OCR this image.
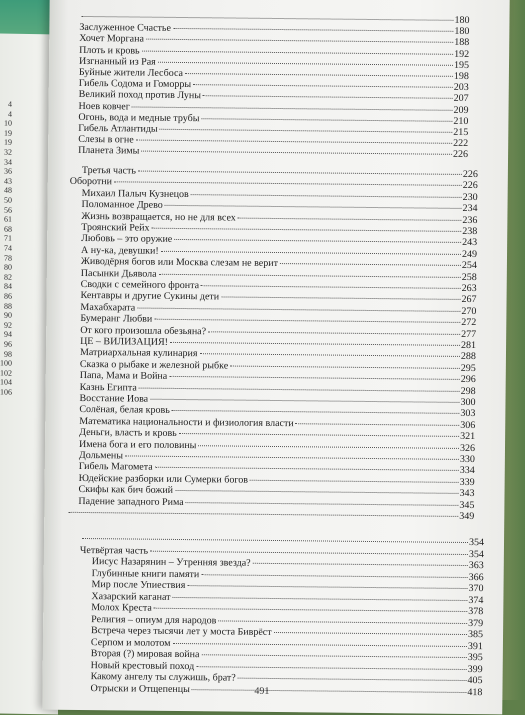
4
4
10
19
19
32
34
36
43
48
50
56
61
68
71
74
78
80
82
84
86
88
90
92
94
96
98
100
102
104
106
491
180
Заслуженное Счастье	180
Хочет Моргана	188
Плоть и кровь	192
Изгнанный из Рая	195
Буйные жители Лесбоса	198
Гибель Содома и Гоморры	203
Великий поход против Луны	207
Ноев ковчег	209
Огонь, вода и медные трубы	210
Гибель Атлантиды	215
Слезы в огне	222
Планета Зимы	226
Третья часть	226
Оборотни	226
Михаил Палыч Кузнецов	230
Поломанное Древо	234
Жизнь возвращается, но не для всех	236
Троянский Рейх	238
Любовь – это оружие	243
А ну-ка, девушки!	249
Живодёрня богов или Москва слезам не верит	254
Пасынки Дьявола	258
Сводки с семейного фронта	263
Кентавры и другие Сукины дети	267
Махабхарата	270
Бумеранг Любви	272
От кого произошла обезьяна?	277
ЦЕ – ВИЛИЗАЦИЯ!	281
Матриархальная кулинария	288
Сказка о рыбаке и железной рыбке	295
Папа, Мама и Война	296
Казнь Египта	298
Восстание Иова	300
Солёная, белая кровь	303
Математика национальности и физиология власти	306
Деньги, власть и кровь	321
Имена бога и его половины	326
Дольмены	330
Гибель Магомета	334
Юдейские разборки или Сумерки богов	339
Скифы как бич божий	343
Падение западного Рима	345
349
354
Четвёртая часть	354
Иисус Назарянин – Утренняя звезда?	363
Глубинные книги памяти	366
Мир после Упиествия	370
Хазарский каганат	374
Молох Креста	378
Религия – опиум для народов	379
Встреча через тысячи лет у моста Биврёст	385
Серпом и молотом	391
Вторая (?) мировая война	395
Новый крестовый поход	399
Какому ангелу ты служишь, брат?	405
Отрыски и Отщепенцы	418
